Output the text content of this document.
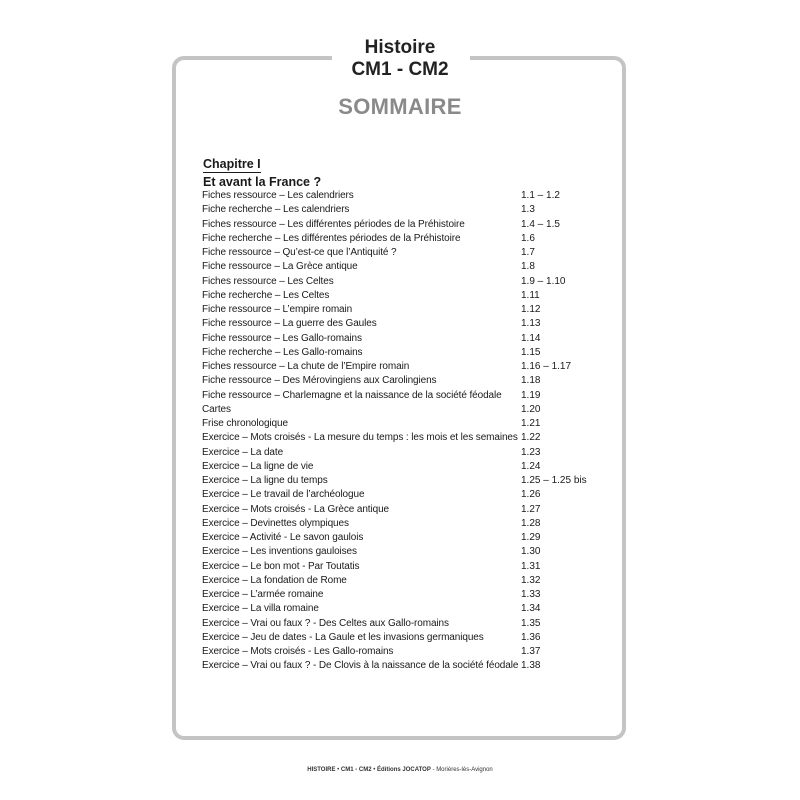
Histoire
CM1 - CM2
SOMMAIRE
Chapitre I
Et avant la France ?
Fiches ressource – Les calendriers	1.1 – 1.2
Fiche recherche – Les calendriers	1.3
Fiches ressource – Les différentes périodes de la Préhistoire	1.4 – 1.5
Fiche recherche – Les différentes périodes de la Préhistoire	1.6
Fiche ressource – Qu’est-ce que l’Antiquité ?	1.7
Fiche ressource – La Grèce antique	1.8
Fiches ressource – Les Celtes	1.9 – 1.10
Fiche recherche – Les Celtes	1.11
Fiche ressource – L’empire romain	1.12
Fiche ressource – La guerre des Gaules	1.13
Fiche ressource – Les Gallo-romains	1.14
Fiche recherche – Les Gallo-romains	1.15
Fiches ressource – La chute de l’Empire romain	1.16 – 1.17
Fiche ressource – Des Mérovingiens aux Carolingiens	1.18
Fiche ressource – Charlemagne et la naissance de la société féodale 1.19
Cartes	1.20
Frise chronologique	1.21
Exercice – Mots croisés - La mesure du temps : les mois et les semaines 1.22
Exercice – La date	1.23
Exercice – La ligne de vie	1.24
Exercice – La ligne du temps	1.25 – 1.25 bis
Exercice – Le travail de l’archéologue	1.26
Exercice – Mots croisés - La Grèce antique	1.27
Exercice – Devinettes olympiques	1.28
Exercice – Activité - Le savon gaulois	1.29
Exercice – Les inventions gauloises	1.30
Exercice – Le bon mot - Par Toutatis	1.31
Exercice – La fondation de Rome	1.32
Exercice – L’armée romaine	1.33
Exercice – La villa romaine	1.34
Exercice – Vrai ou faux ? - Des Celtes aux Gallo-romains	1.35
Exercice – Jeu de dates - La Gaule et les invasions germaniques	1.36
Exercice – Mots croisés - Les Gallo-romains	1.37
Exercice – Vrai ou faux ? - De Clovis à la naissance de la société féodale 1.38
HISTOIRE • CM1 - CM2 • Éditions JOCATOP - Morières-lès-Avignon
